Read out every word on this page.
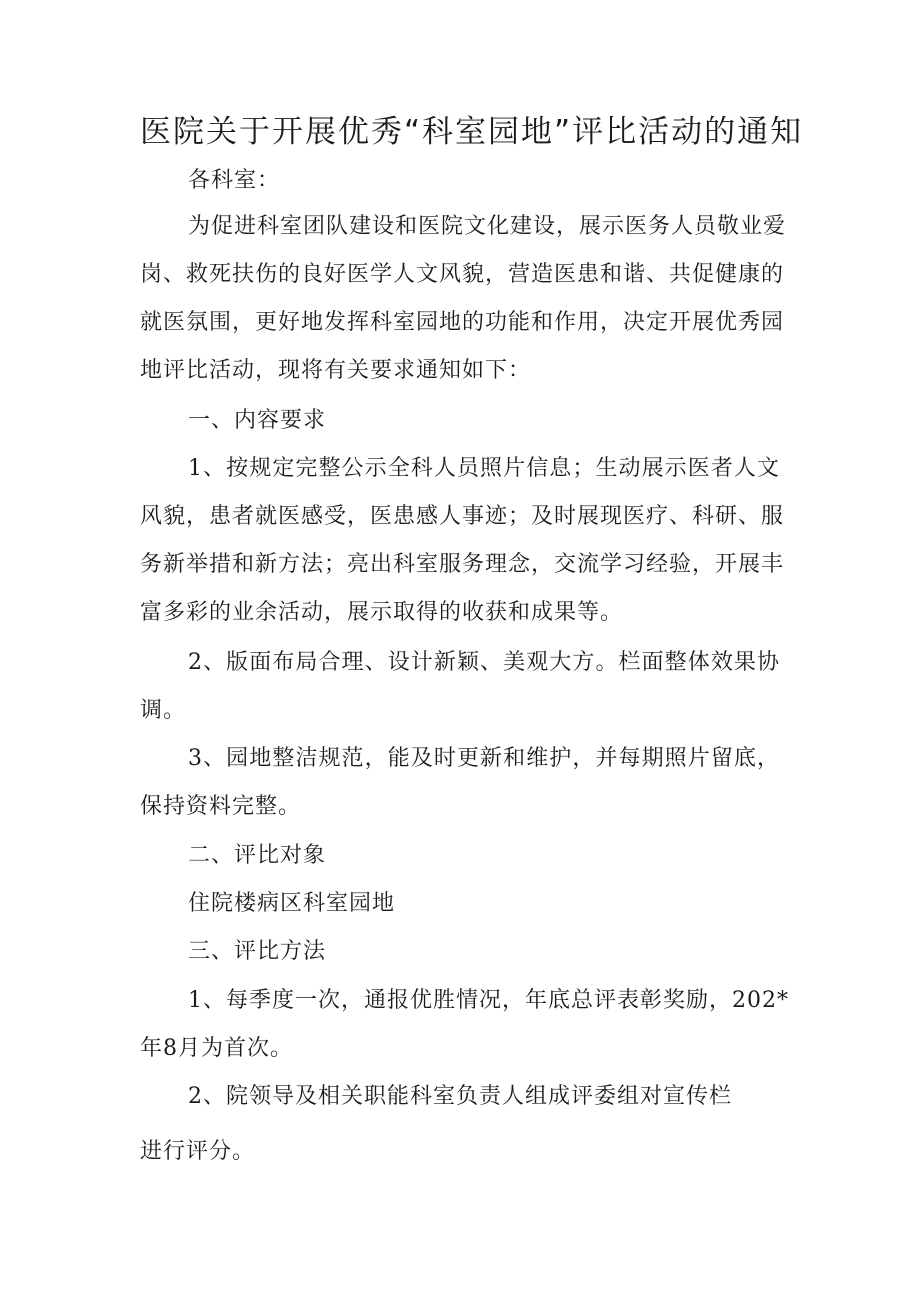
医院关于开展优秀“科室园地”评比活动的通知
各科室：
为促进科室团队建设和医院文化建设，展示医务人员敬业爱
岗、救死扶伤的良好医学人文风貌，营造医患和谐、共促健康的
就医氛围，更好地发挥科室园地的功能和作用，决定开展优秀园
地评比活动，现将有关要求通知如下：
一、内容要求
1、按规定完整公示全科人员照片信息；生动展示医者人文
风貌，患者就医感受，医患感人事迹；及时展现医疗、科研、服
务新举措和新方法；亮出科室服务理念，交流学习经验，开展丰
富多彩的业余活动，展示取得的收获和成果等。
2、版面布局合理、设计新颖、美观大方。栏面整体效果协
调。
3、园地整洁规范，能及时更新和维护，并每期照片留底，
保持资料完整。
二、评比对象
住院楼病区科室园地
三、评比方法
1、每季度一次，通报优胜情况，年底总评表彰奖励，202*
年8月为首次。
2、院领导及相关职能科室负责人组成评委组对宣传栏
进行评分。
